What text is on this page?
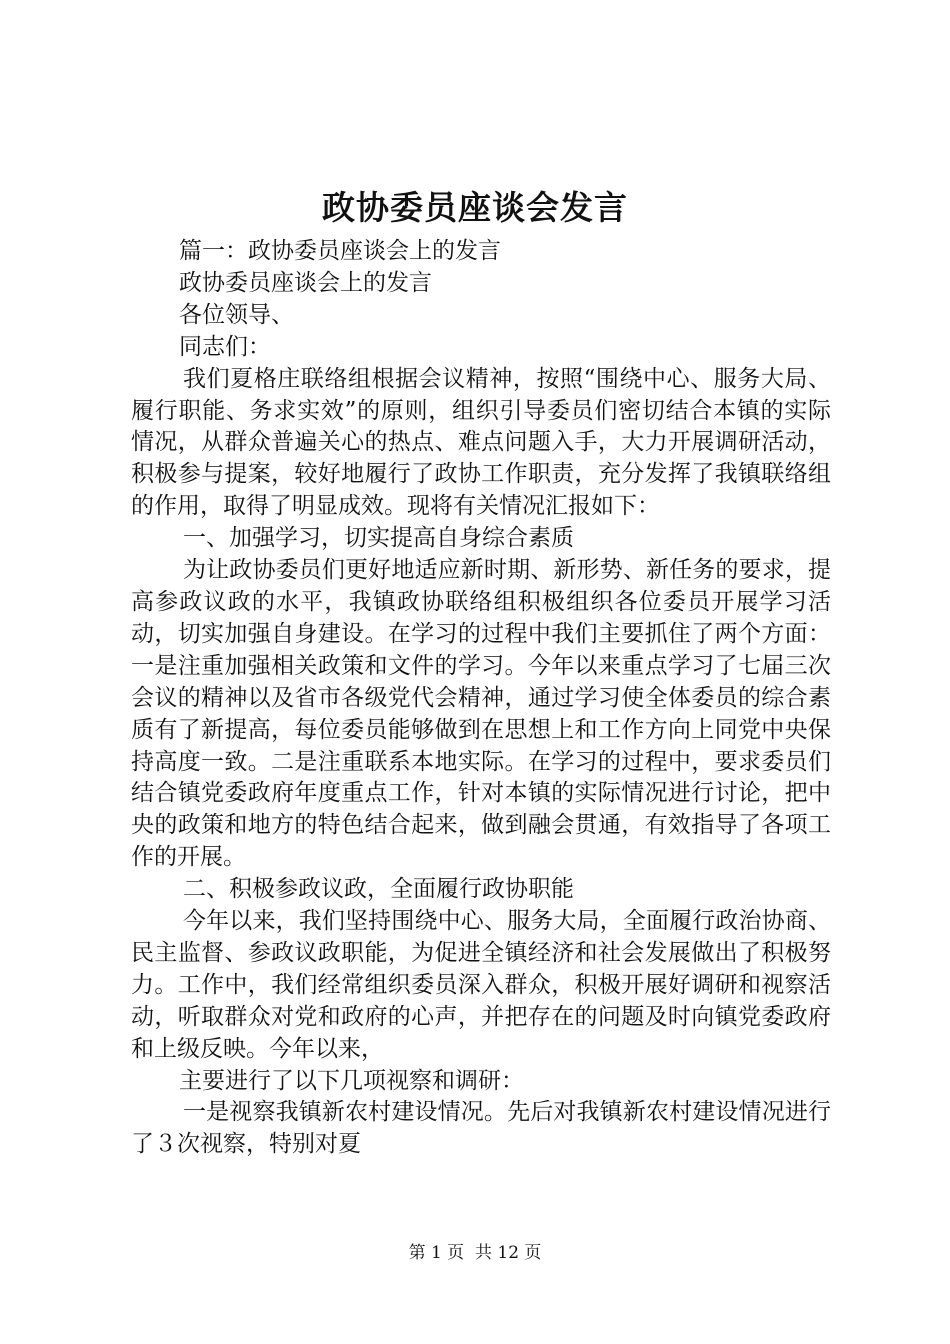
政协委员座谈会发言

篇一：政协委员座谈会上的发言

政协委员座谈会上的发言

各位领导、

同志们：

我们夏格庄联络组根据会议精神，按照“围绕中心、服务大局、履行职能、务求实效”的原则，组织引导委员们密切结合本镇的实际情况，从群众普遍关心的热点、难点问题入手，大力开展调研活动，积极参与提案，较好地履行了政协工作职责，充分发挥了我镇联络组的作用，取得了明显成效。现将有关情况汇报如下：

一、加强学习，切实提高自身综合素质

为让政协委员们更好地适应新时期、新形势、新任务的要求，提高参政议政的水平，我镇政协联络组积极组织各位委员开展学习活动，切实加强自身建设。在学习的过程中我们主要抓住了两个方面：一是注重加强相关政策和文件的学习。今年以来重点学习了七届三次会议的精神以及省市各级党代会精神，通过学习使全体委员的综合素质有了新提高，每位委员能够做到在思想上和工作方向上同党中央保持高度一致。二是注重联系本地实际。在学习的过程中，要求委员们结合镇党委政府年度重点工作，针对本镇的实际情况进行讨论，把中央的政策和地方的特色结合起来，做到融会贯通，有效指导了各项工作的开展。

二、积极参政议政，全面履行政协职能

今年以来，我们坚持围绕中心、服务大局，全面履行政治协商、民主监督、参政议政职能，为促进全镇经济和社会发展做出了积极努力。工作中，我们经常组织委员深入群众，积极开展好调研和视察活动，听取群众对党和政府的心声，并把存在的问题及时向镇党委政府和上级反映。今年以来，

主要进行了以下几项视察和调研：

一是视察我镇新农村建设情况。先后对我镇新农村建设情况进行了３次视察，特别对夏

第 1 页  共 12 页
